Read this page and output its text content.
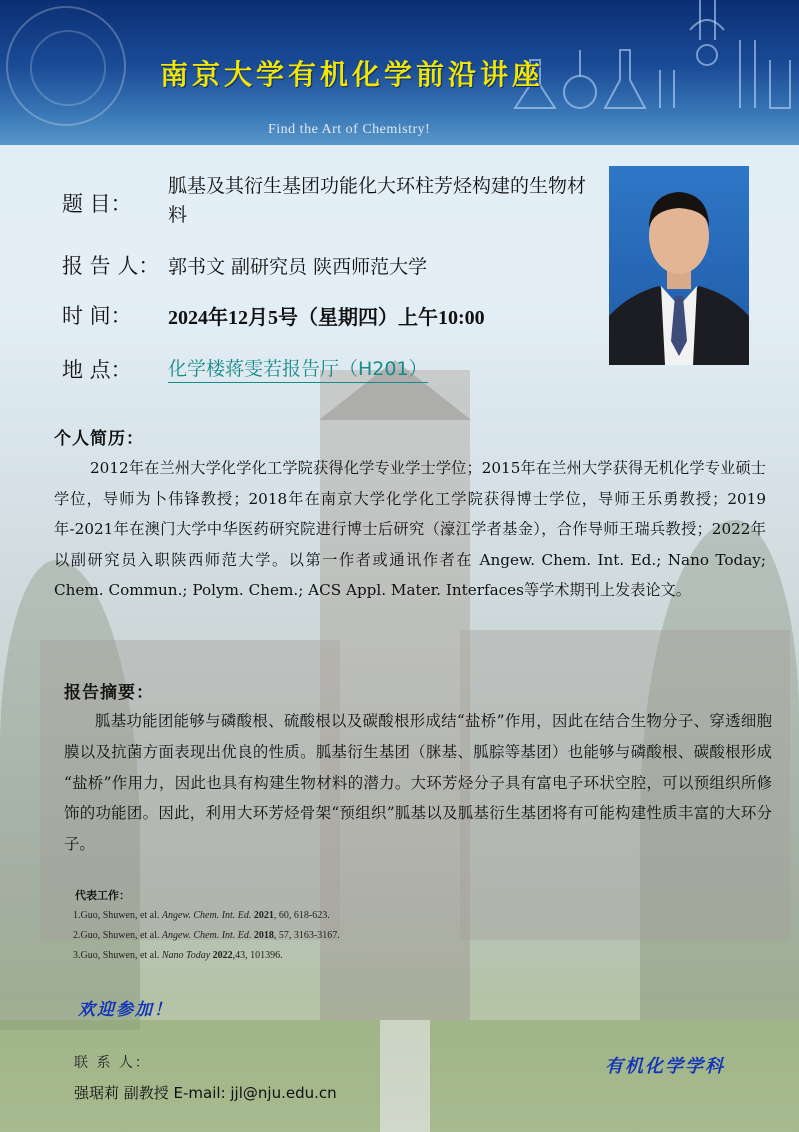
南京大学有机化学前沿讲座
Find the Art of Chemistry!
题 目：
胍基及其衍生基团功能化大环柱芳烃构建的生物材料
报 告 人： 郭书文 副研究员 陕西师范大学
时 间： 2024年12月5号（星期四）上午10:00
地 点： 化学楼蒋雯若报告厅（H201）
个人简历：
2012年在兰州大学化学化工学院获得化学专业学士学位；2015年在兰州大学获得无机化学专业硕士学位，导师为卜伟锋教授；2018年在南京大学化学化工学院获得博士学位，导师王乐勇教授；2019年-2021年在澳门大学中华医药研究院进行博士后研究（濠江学者基金），合作导师王瑞兵教授；2022年以副研究员入职陕西师范大学。以第一作者或通讯作者在 Angew. Chem. Int. Ed.; Nano Today; Chem. Commun.; Polym. Chem.; ACS Appl. Mater. Interfaces等学术期刊上发表论文。
报告摘要：
胍基功能团能够与磷酸根、硫酸根以及碳酸根形成结“盐桥”作用，因此在结合生物分子、穿透细胞膜以及抗菌方面表现出优良的性质。胍基衍生基团（脒基、胍腙等基团）也能够与磷酸根、碳酸根形成 “盐桥”作用力，因此也具有构建生物材料的潜力。大环芳烃分子具有富电子环状空腔，可以预组织所修饰的功能团。因此，利用大环芳烃骨架“预组织”胍基以及胍基衍生基团将有可能构建性质丰富的大环分子。
代表工作：
1.Guo, Shuwen, et al. Angew. Chem. Int. Ed. 2021, 60, 618-623.
2.Guo, Shuwen, et al. Angew. Chem. Int. Ed. 2018, 57, 3163-3167.
3.Guo, Shuwen, et al. Nano Today 2022,43, 101396.
欢迎参加！
联 系 人：
强琚莉 副教授 E-mail: jjl@nju.edu.cn
有机化学学科
